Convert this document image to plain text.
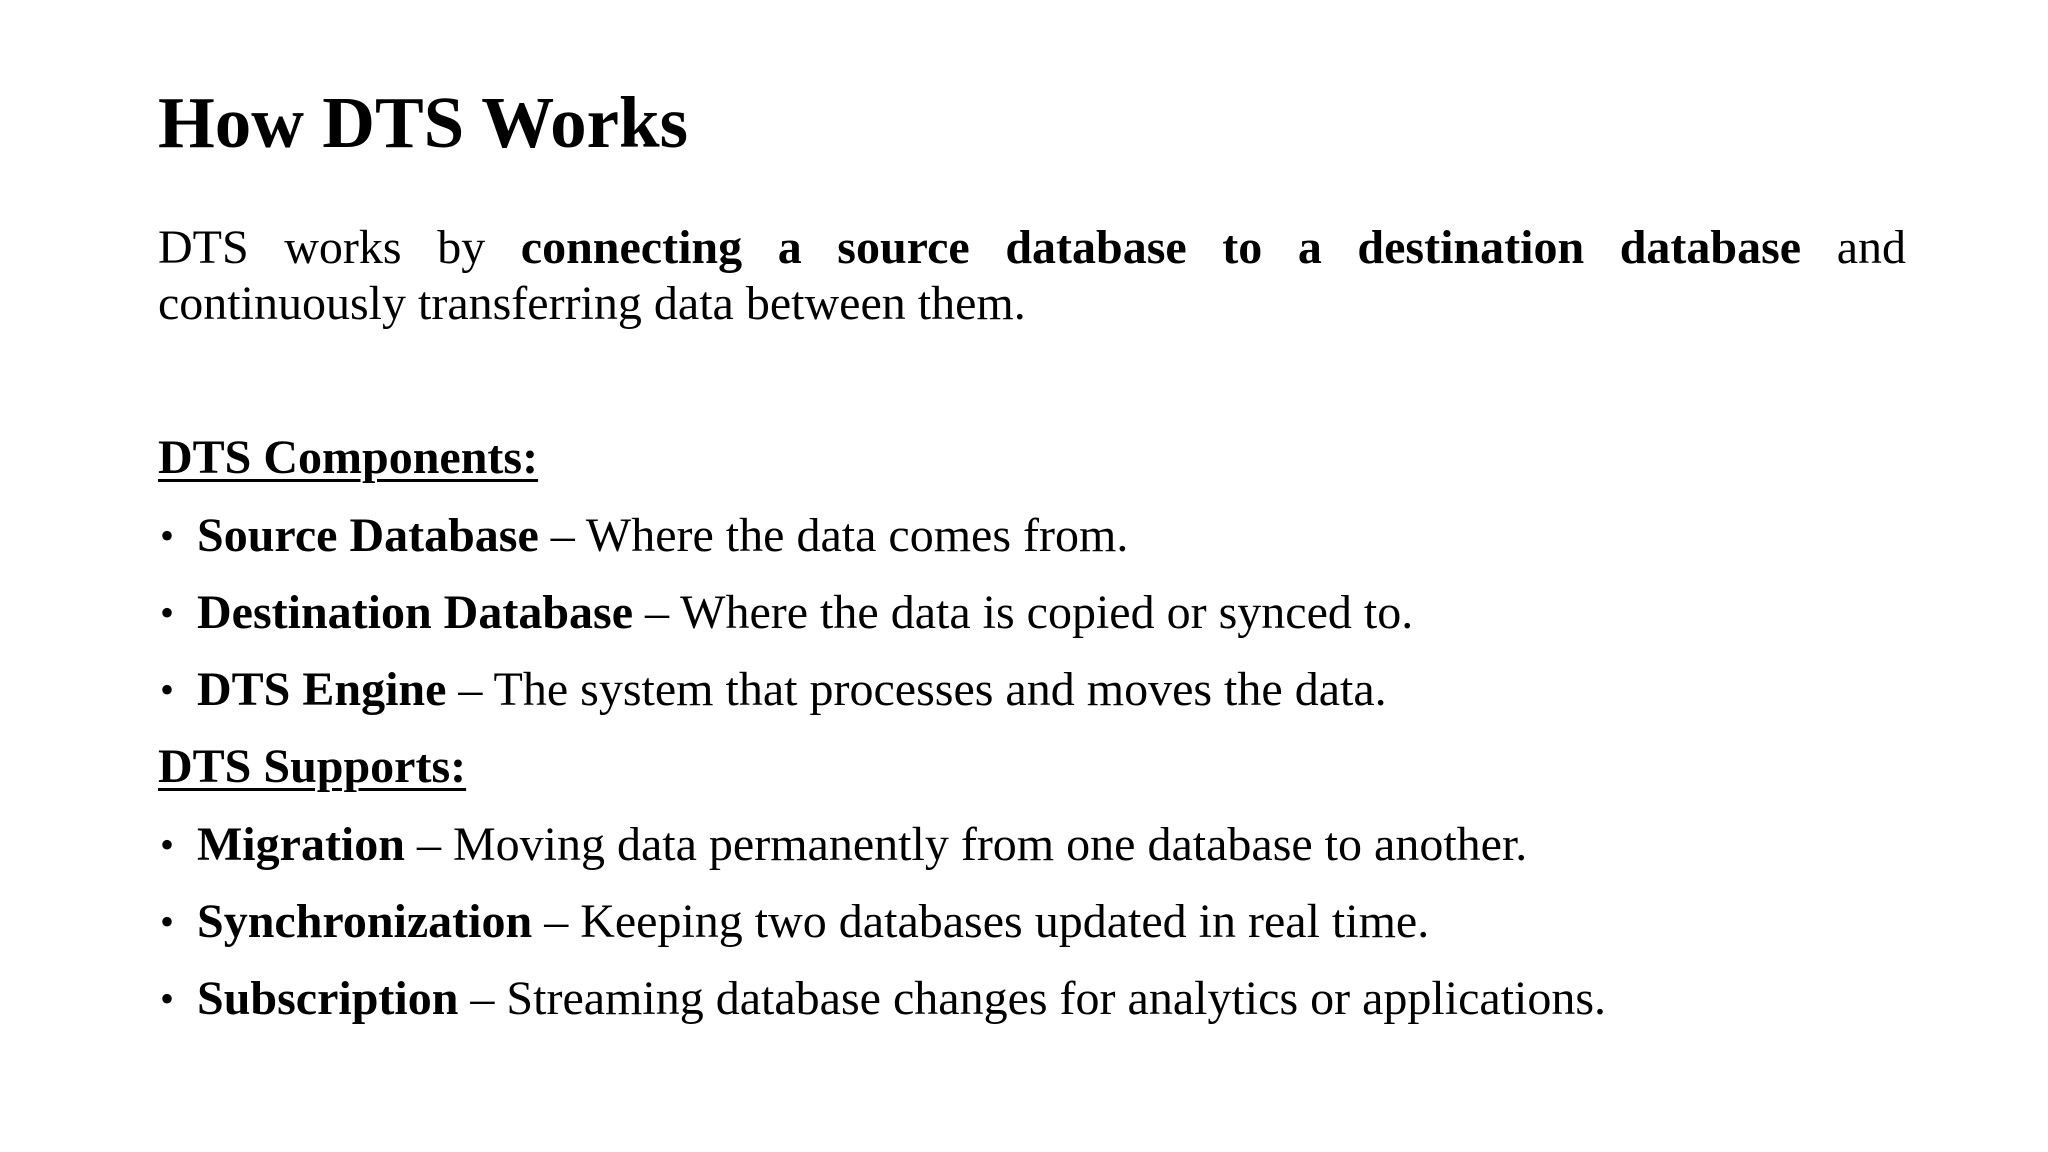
How DTS Works

DTS works by connecting a source database to a destination database and continuously transferring data between them.

DTS Components:
• Source Database – Where the data comes from.
• Destination Database – Where the data is copied or synced to.
• DTS Engine – The system that processes and moves the data.
DTS Supports:
• Migration – Moving data permanently from one database to another.
• Synchronization – Keeping two databases updated in real time.
• Subscription – Streaming database changes for analytics or applications.
